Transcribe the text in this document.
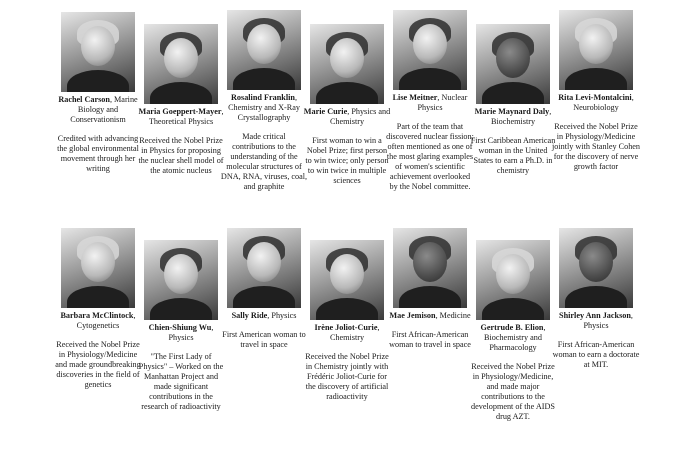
Rachel Carson, Marine Biology and Conservationism
Credited with advancing the global environmental movement through her writing
Maria Goeppert-Mayer, Theoretical Physics
Received the Nobel Prize in Physics for proposing the nuclear shell model of the atomic nucleus
Rosalind Franklin, Chemistry and X-Ray Crystallography
Made critical contributions to the understanding of the molecular structures of DNA, RNA, viruses, coal, and graphite
Marie Curie, Physics and Chemistry
First woman to win a Nobel Prize; first person to win twice; only person to win twice in multiple sciences
Lise Meitner, Nuclear Physics
Part of the team that discovered nuclear fission; often mentioned as one of the most glaring examples of women's scientific achievement overlooked by the Nobel committee.
Marie Maynard Daly, Biochemistry
First Caribbean American woman in the United States to earn a Ph.D. in chemistry
Rita Levi-Montalcini, Neurobiology
Received the Nobel Prize in Physiology/Medicine jointly with Stanley Cohen for the discovery of nerve growth factor
Barbara McClintock, Cytogenetics
Received the Nobel Prize in Physiology/Medicine and made groundbreaking discoveries in the field of genetics
Chien-Shiung Wu, Physics
"The First Lady of Physics" – Worked on the Manhattan Project and made significant contributions in the research of radioactivity
Sally Ride, Physics
First American woman to travel in space
Irène Joliot-Curie, Chemistry
Received the Nobel Prize in Chemistry jointly with Frédéric Joliot-Curie for the discovery of artificial radioactivity
Mae Jemison, Medicine
First African-American woman to travel in space
Gertrude B. Elion, Biochemistry and Pharmacology
Received the Nobel Prize in Physiology/Medicine, and made major contributions to the development of the AIDS drug AZT.
Shirley Ann Jackson, Physics
First African-American woman to earn a doctorate at MIT.
